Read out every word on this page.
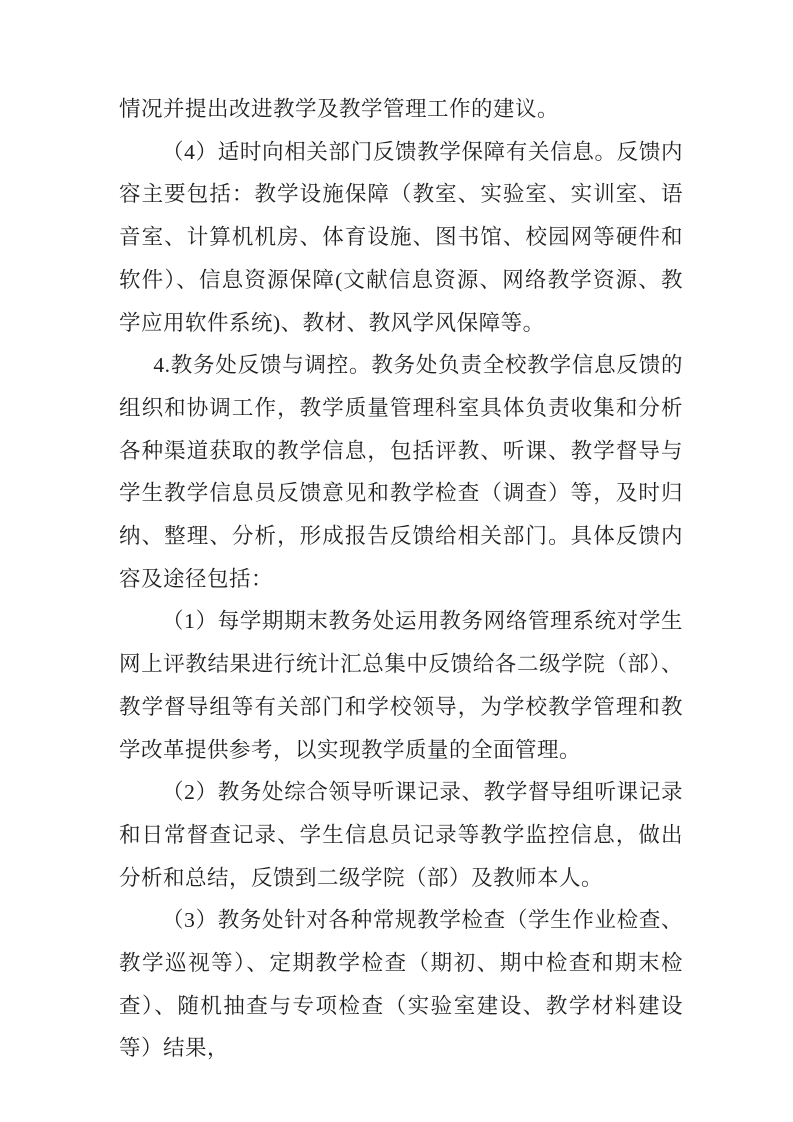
情况并提出改进教学及教学管理工作的建议。

（4）适时向相关部门反馈教学保障有关信息。反馈内容主要包括：教学设施保障（教室、实验室、实训室、语音室、计算机机房、体育设施、图书馆、校园网等硬件和软件）、信息资源保障(文献信息资源、网络教学资源、教学应用软件系统)、教材、教风学风保障等。

4.教务处反馈与调控。教务处负责全校教学信息反馈的组织和协调工作，教学质量管理科室具体负责收集和分析各种渠道获取的教学信息，包括评教、听课、教学督导与学生教学信息员反馈意见和教学检查（调查）等，及时归纳、整理、分析，形成报告反馈给相关部门。具体反馈内容及途径包括：

（1）每学期期末教务处运用教务网络管理系统对学生网上评教结果进行统计汇总集中反馈给各二级学院（部）、教学督导组等有关部门和学校领导，为学校教学管理和教学改革提供参考，以实现教学质量的全面管理。

（2）教务处综合领导听课记录、教学督导组听课记录和日常督查记录、学生信息员记录等教学监控信息，做出分析和总结，反馈到二级学院（部）及教师本人。

（3）教务处针对各种常规教学检查（学生作业检查、教学巡视等）、定期教学检查（期初、期中检查和期末检查）、随机抽查与专项检查（实验室建设、教学材料建设等）结果，
